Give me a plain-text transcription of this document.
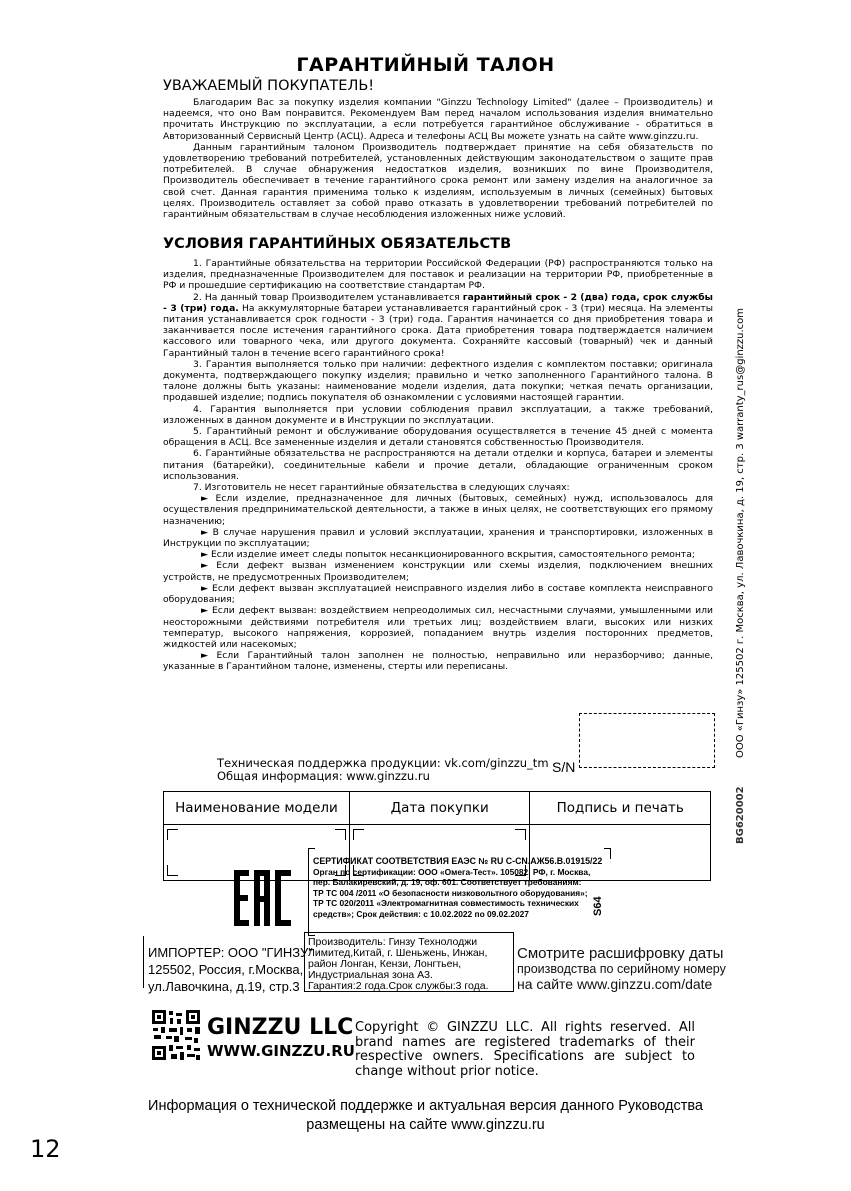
ГАРАНТИЙНЫЙ ТАЛОН
УВАЖАЕМЫЙ ПОКУПАТЕЛЬ!

Благодарим Вас за покупку изделия компании "Ginzzu Technology Limited" (далее – Производитель) и надеемся, что оно Вам понравится. Рекомендуем Вам перед началом использования изделия внимательно прочитать Инструкцию по эксплуатации, а если потребуется гарантийное обслуживание - обратиться в Авторизованный Сервисный Центр (АСЦ). Адреса и телефоны АСЦ Вы можете узнать на сайте www.ginzzu.ru.

Данным гарантийным талоном Производитель подтверждает принятие на себя обязательств по удовлетворению требований потребителей, установленных действующим законодательством о защите прав потребителей. В случае обнаружения недостатков изделия, возникших по вине Производителя, Производитель обеспечивает в течение гарантийного срока ремонт или замену изделия на аналогичное за свой счет. Данная гарантия применима только к изделиям, используемым в личных (семейных) бытовых целях. Производитель оставляет за собой право отказать в удовлетворении требований потребителей по гарантийным обязательствам в случае несоблюдения изложенных ниже условий.

УСЛОВИЯ ГАРАНТИЙНЫХ ОБЯЗАТЕЛЬСТВ

1. Гарантийные обязательства на территории Российской Федерации (РФ) распространяются только на изделия, предназначенные Производителем для поставок и реализации на территории РФ, приобретенные в РФ и прошедшие сертификацию на соответствие стандартам РФ.

2. На данный товар Производителем устанавливается гарантийный срок - 2 (два) года, срок службы - 3 (три) года. На аккумуляторные батареи устанавливается гарантийный срок - 3 (три) месяца. На элементы питания устанавливается срок годности - 3 (три) года. Гарантия начинается со дня приобретения товара и заканчивается после истечения гарантийного срока. Дата приобретения товара подтверждается наличием кассового или товарного чека, или другого документа. Сохраняйте кассовый (товарный) чек и данный Гарантийный талон в течение всего гарантийного срока!

3. Гарантия выполняется только при наличии: дефектного изделия с комплектом поставки; оригинала документа, подтверждающего покупку изделия; правильно и четко заполненного Гарантийного талона. В талоне должны быть указаны: наименование модели изделия, дата покупки; четкая печать организации, продавшей изделие; подпись покупателя об ознакомлении с условиями настоящей гарантии.

4. Гарантия выполняется при условии соблюдения правил эксплуатации, а также требований, изложенных в данном документе и в Инструкции по эксплуатации.

5. Гарантийный ремонт и обслуживание оборудования осуществляется в течение 45 дней с момента обращения в АСЦ. Все замененные изделия и детали становятся собственностью Производителя.

6. Гарантийные обязательства не распространяются на детали отделки и корпуса, батареи и элементы питания (батарейки), соединительные кабели и прочие детали, обладающие ограниченным сроком использования.

7. Изготовитель не несет гарантийные обязательства в следующих случаях:

► Если изделие, предназначенное для личных (бытовых, семейных) нужд, использовалось для осуществления предпринимательской деятельности, а также в иных целях, не соответствующих его прямому назначению;

► В случае нарушения правил и условий эксплуатации, хранения и транспортировки, изложенных в Инструкции по эксплуатации;

► Если изделие имеет следы попыток несанкционированного вскрытия, самостоятельного ремонта;

► Если дефект вызван изменением конструкции или схемы изделия, подключением внешних устройств, не предусмотренных Производителем;

► Если дефект вызван эксплуатацией неисправного изделия либо в составе комплекта неисправного оборудования;

► Если дефект вызван: воздействием непреодолимых сил, несчастными случаями, умышленными или неосторожными действиями потребителя или третьих лиц; воздействием влаги, высоких или низких температур, высокого напряжения, коррозией, попаданием внутрь изделия посторонних предметов, жидкостей или насекомых;

► Если Гарантийный талон заполнен не полностью, неправильно или неразборчиво; данные, указанные в Гарантийном талоне, изменены, стерты или переписаны.

Техническая поддержка продукции: vk.com/ginzzu_tm
Общая информация: www.ginzzu.ru
S/N
Наименование модели	Дата покупки	Подпись и печать

		BG620002  ООО «Гинзу» 125502 г. Москва, ул. Лавочкина, д. 19, стр. 3 warranty_rus@ginzzu.com
СЕРТИФИКАТ СООТВЕТСТВИЯ ЕАЭС № RU С-CN.АЖ56.В.01915/22
Орган по сертификации: ООО «Омега-Тест». 105082, РФ, г. Москва,
пер. Балакиревский, д. 19, оф. 601. Соответствует требованиям:
ТР ТС 004 /2011 «О безопасности низковольтного оборудования»;
ТР ТС 020/2011 «Электромагнитная совместимость технических
средств»; Срок действия: с 10.02.2022 по 09.02.2027	S64
ИМПОРТЕР: ООО "ГИНЗУ"
125502, Россия, г.Москва,
ул.Лавочкина, д.19, стр.3
Производитель: Гинзу Технолоджи
Лимитед,Китай, г. Шеньжень, Инжан,
район Лонган, Кензи, Лонгтьен,
Индустриальная зона А3.
Гарантия:2 года.Срок службы:3 года.
Смотрите расшифровку даты
производства по серийному номеру
на сайте www.ginzzu.com/date
GINZZU LLC
WWW.GINZZU.RU
Copyright © GINZZU LLC. All rights reserved. All brand names are registered trademarks of their respective owners. Specifications are subject to change without prior notice.
Информация о технической поддержке и актуальная версия данного Руководства
размещены на сайте www.ginzzu.ru
12
